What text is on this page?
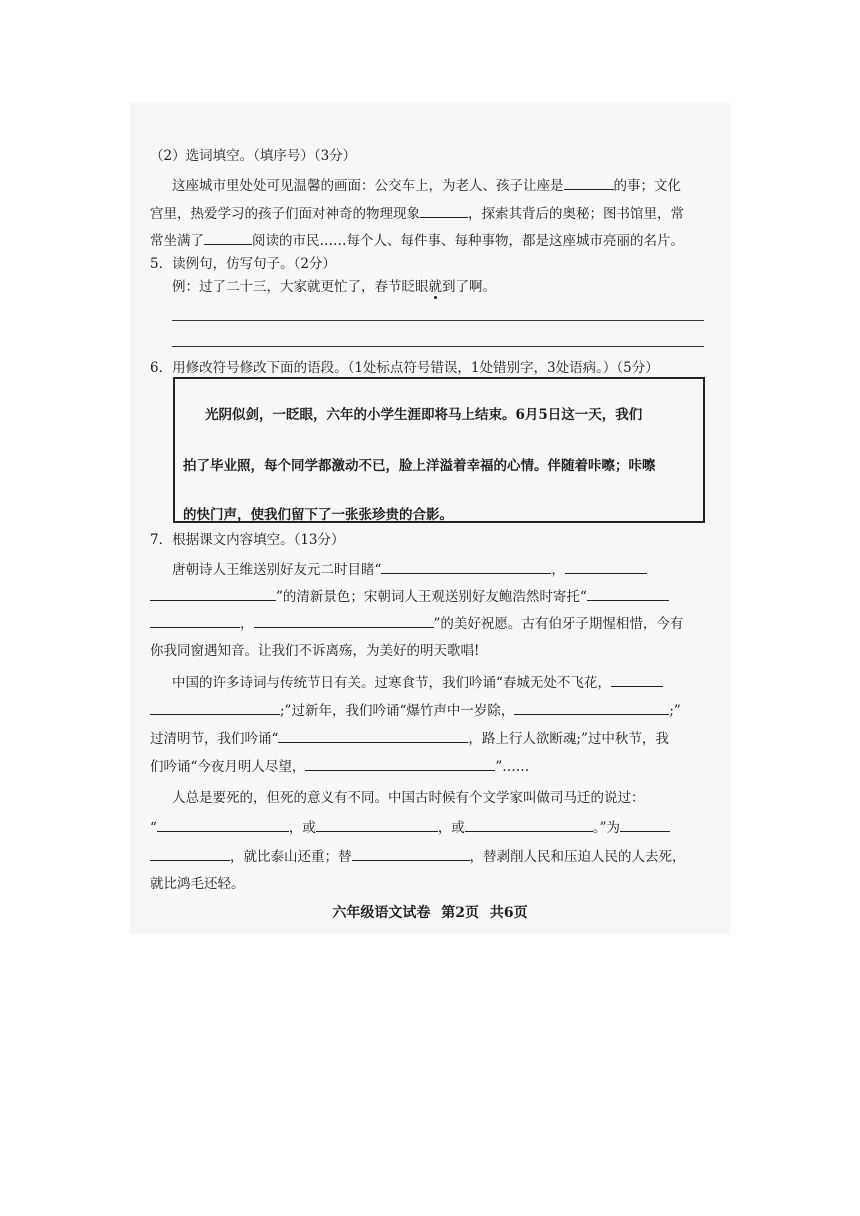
（2）选词填空。（填序号）（3分）
这座城市里处处可见温馨的画面：公交车上，为老人、孩子让座是	的事；文化
宫里，热爱学习的孩子们面对神奇的物理现象	，探索其背后的奥秘；图书馆里，常
常坐满了	阅读的市民……每个人、每件事、每种事物，都是这座城市亮丽的名片。
5．读例句，仿写句子。（2分）
例：过了二十三，大家就更忙了，春节眨眼就到了啊。
6．用修改符号修改下面的语段。（1处标点符号错误，1处错别字，3处语病。）（5分）
光阴似剑，一眨眼，六年的小学生涯即将马上结束。6月5日这一天，我们
拍了毕业照，每个同学都激动不已，脸上洋溢着幸福的心情。伴随着咔嚓；咔嚓
的快门声，使我们留下了一张张珍贵的合影。
7．根据课文内容填空。（13分）
唐朝诗人王维送别好友元二时目睹“	，
”的清新景色；宋朝词人王观送别好友鲍浩然时寄托“
，	”的美好祝愿。古有伯牙子期惺相惜，今有
你我同窗遇知音。让我们不诉离殇，为美好的明天歌唱!
中国的许多诗词与传统节日有关。过寒食节，我们吟诵“春城无处不飞花，
;”过新年，我们吟诵“爆竹声中一岁除，	;”
过清明节，我们吟诵“	，路上行人欲断魂;”过中秋节，我
们吟诵“今夜月明人尽望，	”……
人总是要死的，但死的意义有不同。中国古时候有个文学家叫做司马迁的说过：
“	，或	，或	。”为
，就比泰山还重；替	，替剥削人民和压迫人民的人去死，
就比鸿毛还轻。
六年级语文试卷 第2页 共6页
